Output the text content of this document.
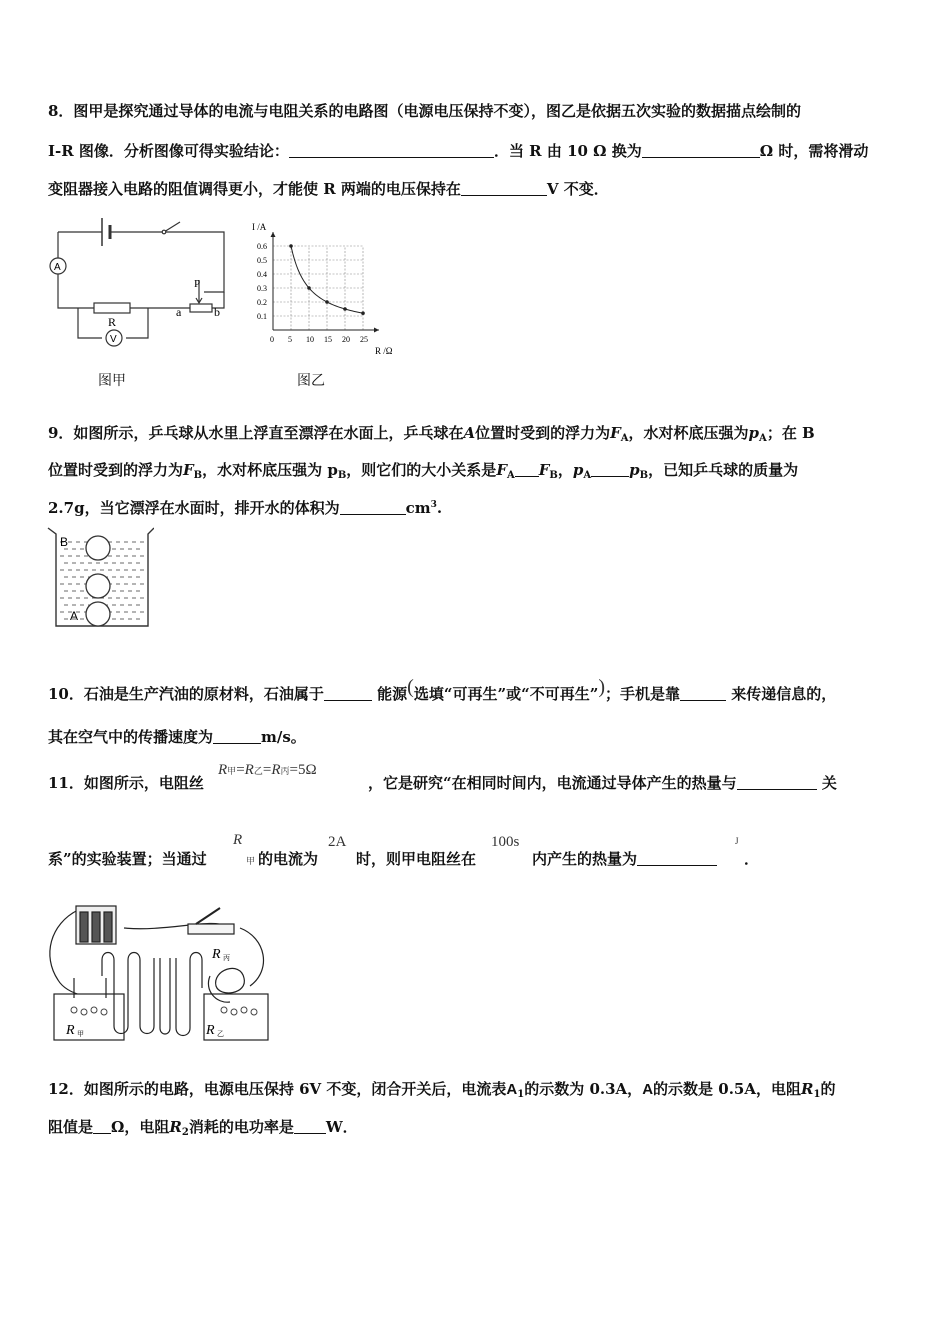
8．图甲是探究通过导体的电流与电阻关系的电路图（电源电压保持不变），图乙是依据五次实验的数据描点绘制的
I-R 图像．分析图像可得实验结论：	．当 R 由 10 Ω 换为	Ω 时，需将滑动
变阻器接入电路的阻值调得更小，才能使 R 两端的电压保持在	V 不变．
A
V
R
P
a	b
图甲
0 5 10 15 20 25
0.1
0.2
0.3
0.4
0.5
0.6
I /A
R /Ω
图乙
9．如图所示，乒乓球从水里上浮直至漂浮在水面上，乒乓球在A位置时受到的浮力为$F_A$，水对杯底压强为$p_A$；在 B
位置时受到的浮力为$F_B$，水对杯底压强为 $p_B$，则它们的大小关系是$F_A$ $F_B$，$p_A$	$p_B$，已知乒乓球的质量为
2.7g，当它漂浮在水面时，排开水的体积为	$cm^3$.
B
A
10．石油是生产汽油的原材料，石油属于	能源(选填“可再生”或“不可再生”)；手机是靠	来传递信息的，
其在空气中的传播速度为	m/s。
11．如图所示，电阻丝
R甲=R乙=R丙=5Ω
，它是研究“在相同时间内，电流通过导体产生的热量与	关
系”的实验装置；当通过
R
甲 的电流为
2A
时，则甲电阻丝在
100s
内产生的热量为
J
．
R 甲	R 乙
R 丙
12．如图所示的电路，电源电压保持 6V 不变，闭合开关后，电流表$A_1$的示数为 0.3A，A的示数是 0.5A，电阻$R_1$的
阻值是 Ω，电阻$R_2$消耗的电功率是 W．
